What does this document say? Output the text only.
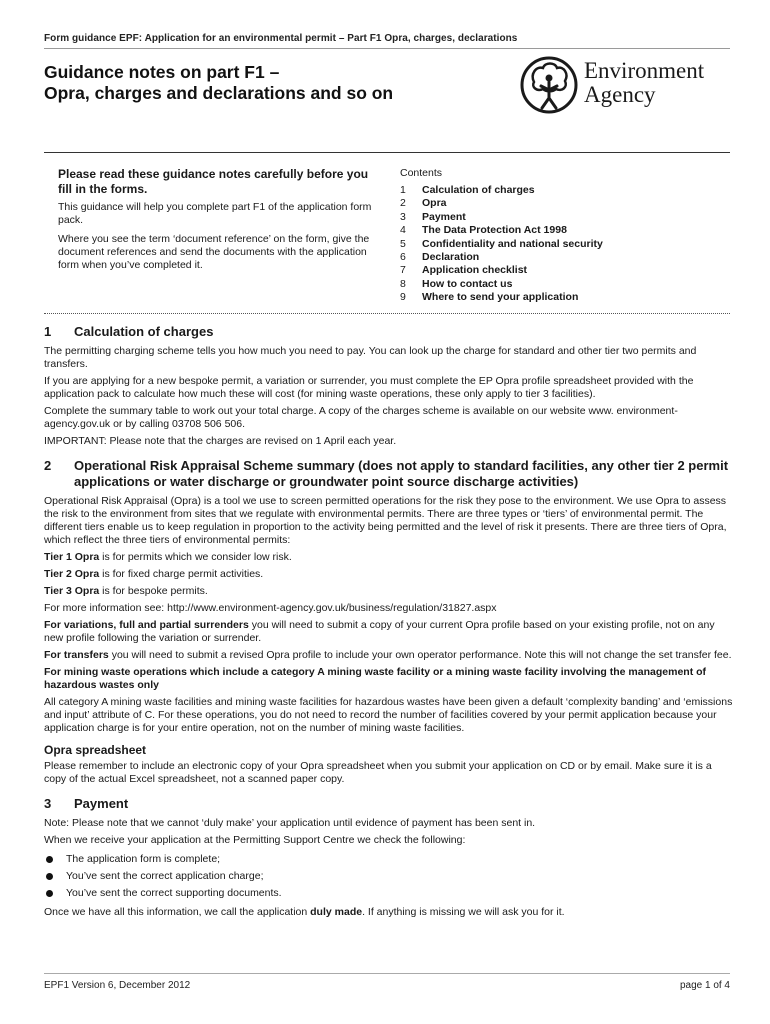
Form guidance EPF: Application for an environmental permit – Part F1 Opra, charges, declarations
Guidance notes on part F1 –
Opra, charges and declarations and so on
Environment
Agency

Please read these guidance notes carefully before you fill in the forms.

This guidance will help you complete part F1 of the application form pack.

Where you see the term ‘document reference’ on the form, give the document references and send the documents with the application form when you’ve completed it.

Contents
1 Calculation of charges
2 Opra
3 Payment
4 The Data Protection Act 1998
5 Confidentiality and national security
6 Declaration
7 Application checklist
8 How to contact us
9 Where to send your application
1	Calculation of charges

The permitting charging scheme tells you how much you need to pay. You can look up the charge for standard and other tier two permits and transfers.

If you are applying for a new bespoke permit, a variation or surrender, you must complete the EP Opra profile spreadsheet provided with the application pack to calculate how much these will cost (for mining waste operations, these only apply to tier 3 facilities).

Complete the summary table to work out your total charge. A copy of the charges scheme is available on our website www. environment-agency.gov.uk or by calling 03708 506 506.

IMPORTANT: Please note that the charges are revised on 1 April each year.

2	Operational Risk Appraisal Scheme summary (does not apply to standard facilities, any other tier 2 permit applications or water discharge or groundwater point source discharge activities)

Operational Risk Appraisal (Opra) is a tool we use to screen permitted operations for the risk they pose to the environment. We use Opra to assess the risk to the environment from sites that we regulate with environmental permits. There are three types or ‘tiers’ of environmental permit. The different tiers enable us to keep regulation in proportion to the activity being permitted and the level of risk it presents. There are three tiers of Opra, which reflect the three tiers of environmental permits:

Tier 1 Opra is for permits which we consider low risk.

Tier 2 Opra is for fixed charge permit activities.

Tier 3 Opra is for bespoke permits.

For more information see: http://www.environment-agency.gov.uk/business/regulation/31827.aspx

For variations, full and partial surrenders you will need to submit a copy of your current Opra profile based on your existing profile, not on any new profile following the variation or surrender.

For transfers you will need to submit a revised Opra profile to include your own operator performance. Note this will not change the set transfer fee.

For mining waste operations which include a category A mining waste facility or a mining waste facility involving the management of hazardous wastes only

All category A mining waste facilities and mining waste facilities for hazardous wastes have been given a default ‘complexity banding’ and ‘emissions and input’ attribute of C. For these operations, you do not need to record the number of facilities covered by your permit application because your application charge is for your entire operation, not on the number of mining waste facilities.

Opra spreadsheet

Please remember to include an electronic copy of your Opra spreadsheet when you submit your application on CD or by email. Make sure it is a copy of the actual Excel spreadsheet, not a scanned paper copy.

3	Payment

Note: Please note that we cannot ‘duly make’ your application until evidence of payment has been sent in.

When we receive your application at the Permitting Support Centre we check the following:

The application form is complete;
You’ve sent the correct application charge;
You’ve sent the correct supporting documents.

Once we have all this information, we call the application duly made. If anything is missing we will ask you for it.

EPF1 Version 6, December 2012	page 1 of 4
